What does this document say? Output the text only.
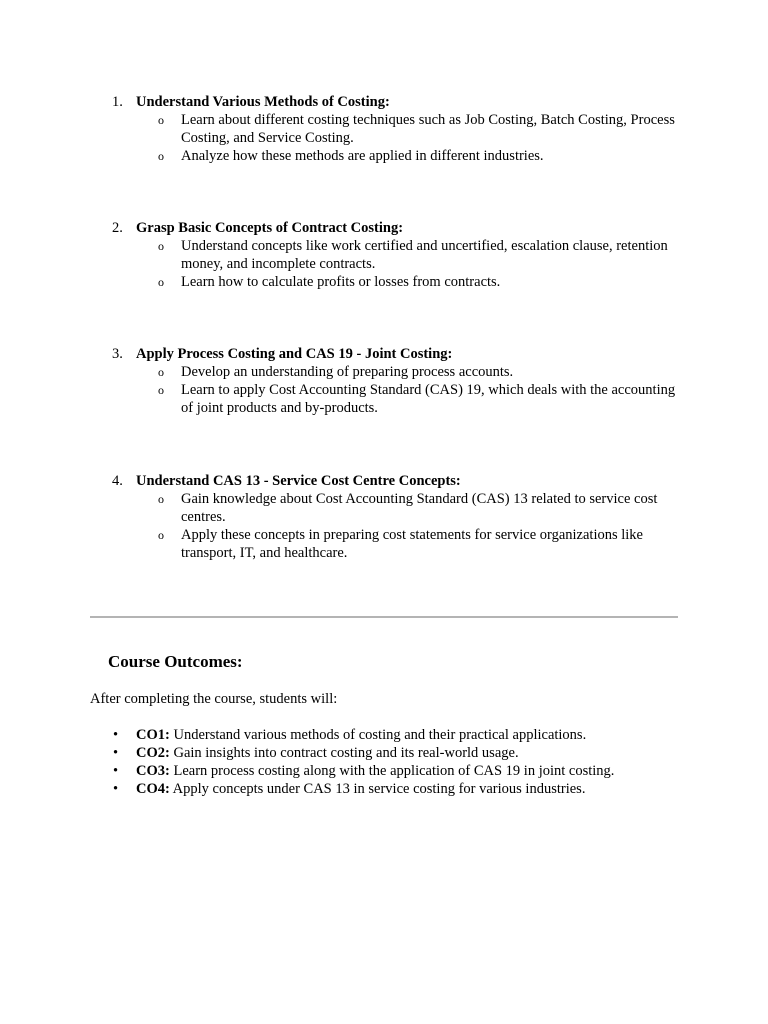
1. Understand Various Methods of Costing:
o Learn about different costing techniques such as Job Costing, Batch Costing, Process Costing, and Service Costing.
o Analyze how these methods are applied in different industries.
2. Grasp Basic Concepts of Contract Costing:
o Understand concepts like work certified and uncertified, escalation clause, retention money, and incomplete contracts.
o Learn how to calculate profits or losses from contracts.
3. Apply Process Costing and CAS 19 - Joint Costing:
o Develop an understanding of preparing process accounts.
o Learn to apply Cost Accounting Standard (CAS) 19, which deals with the accounting of joint products and by-products.
4. Understand CAS 13 - Service Cost Centre Concepts:
o Gain knowledge about Cost Accounting Standard (CAS) 13 related to service cost centres.
o Apply these concepts in preparing cost statements for service organizations like transport, IT, and healthcare.
Course Outcomes:
After completing the course, students will:
• CO1: Understand various methods of costing and their practical applications.
• CO2: Gain insights into contract costing and its real-world usage.
• CO3: Learn process costing along with the application of CAS 19 in joint costing.
• CO4: Apply concepts under CAS 13 in service costing for various industries.
